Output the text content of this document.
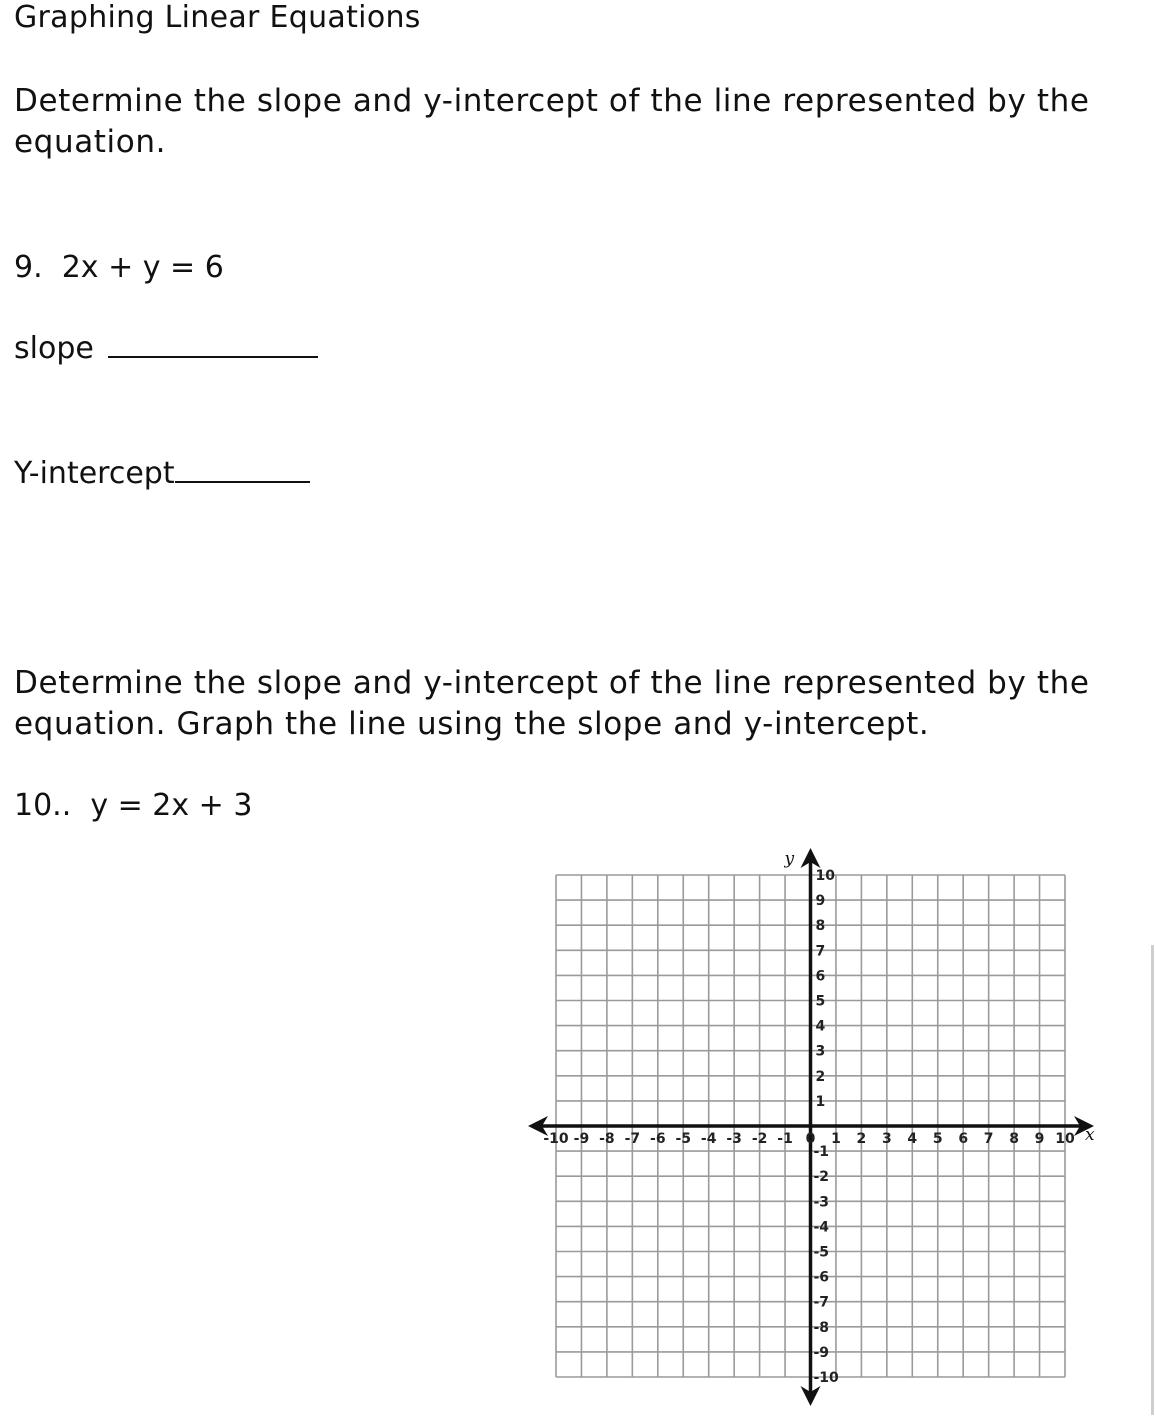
Graphing Linear Equations
Determine the slope and y-intercept of the line represented by the equation.
9. 2x + y = 6
slope
Y-intercept
Determine the slope and y-intercept of the line represented by the equation. Graph the line using the slope and y-intercept.
10.. y = 2x + 3
x
y
-10 -9 -8 -7 -6 -5 -4 -3 -2 -1 0 1 2 3 4 5 6 7 8 9 10
10
9
8
7
6
5
4
3
2
1
-1
-2
-3
-4
-5
-6
-7
-8
-9
-10
